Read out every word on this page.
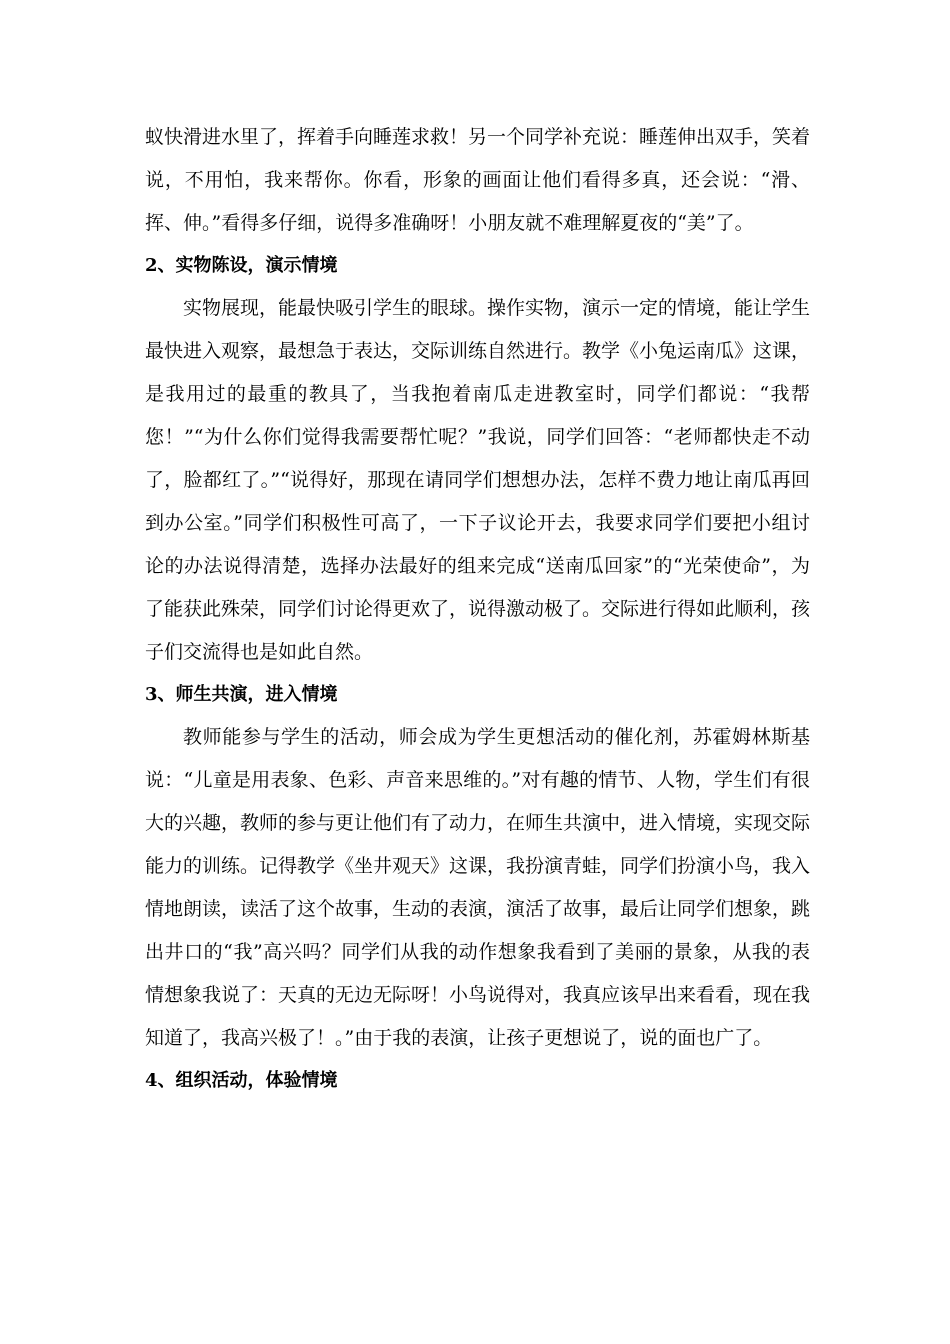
蚁快滑进水里了，挥着手向睡莲求救！另一个同学补充说：睡莲伸出双手，笑着说，不用怕，我来帮你。你看，形象的画面让他们看得多真，还会说：“滑、挥、伸。”看得多仔细，说得多准确呀！小朋友就不难理解夏夜的“美”了。

2、实物陈设，演示情境

实物展现，能最快吸引学生的眼球。操作实物，演示一定的情境，能让学生最快进入观察，最想急于表达，交际训练自然进行。教学《小兔运南瓜》这课，是我用过的最重的教具了，当我抱着南瓜走进教室时，同学们都说：“我帮您！”“为什么你们觉得我需要帮忙呢？”我说，同学们回答：“老师都快走不动了，脸都红了。”“说得好，那现在请同学们想想办法，怎样不费力地让南瓜再回到办公室。”同学们积极性可高了，一下子议论开去，我要求同学们要把小组讨论的办法说得清楚，选择办法最好的组来完成“送南瓜回家”的“光荣使命”，为了能获此殊荣，同学们讨论得更欢了，说得激动极了。交际进行得如此顺利，孩子们交流得也是如此自然。

3、师生共演，进入情境

教师能参与学生的活动，师会成为学生更想活动的催化剂，苏霍姆林斯基说：“儿童是用表象、色彩、声音来思维的。”对有趣的情节、人物，学生们有很大的兴趣，教师的参与更让他们有了动力，在师生共演中，进入情境，实现交际能力的训练。记得教学《坐井观天》这课，我扮演青蛙，同学们扮演小鸟，我入情地朗读，读活了这个故事，生动的表演，演活了故事，最后让同学们想象，跳出井口的“我”高兴吗？同学们从我的动作想象我看到了美丽的景象，从我的表情想象我说了：天真的无边无际呀！小鸟说得对，我真应该早出来看看，现在我知道了，我高兴极了！。”由于我的表演，让孩子更想说了，说的面也广了。

4、组织活动，体验情境
